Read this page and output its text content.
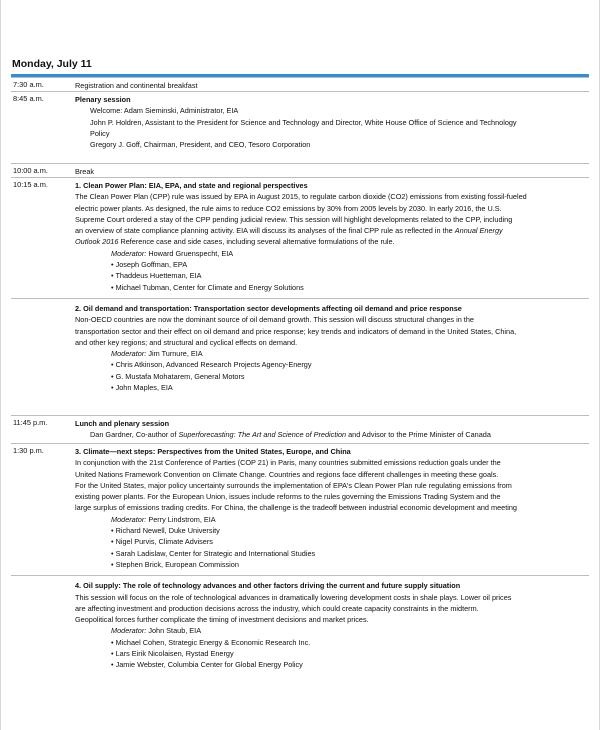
Monday, July 11
7:30 a.m.	Registration and continental breakfast
8:45 a.m.	Plenary session
Welcome: Adam Sieminski, Administrator, EIA
John P. Holdren, Assistant to the President for Science and Technology and Director, White House Office of Science and Technology
Policy
Gregory J. Goff, Chairman, President, and CEO, Tesoro Corporation
10:00 a.m.	Break
10:15 a.m.	1. Clean Power Plan: EIA, EPA, and state and regional perspectives
The Clean Power Plan (CPP) rule was issued by EPA in August 2015, to regulate carbon dioxide (CO2) emissions from existing fossil-fueled
electric power plants. As designed, the rule aims to reduce CO2 emissions by 30% from 2005 levels by 2030. In early 2016, the U.S.
Supreme Court ordered a stay of the CPP pending judicial review. This session will highlight developments related to the CPP, including
an overview of state compliance planning activity. EIA will discuss its analyses of the final CPP rule as reflected in the Annual Energy
Outlook 2016 Reference case and side cases, including several alternative formulations of the rule.
Moderator: Howard Gruenspecht, EIA
• Joseph Goffman, EPA
• Thaddeus Huetteman, EIA
• Michael Tubman, Center for Climate and Energy Solutions
2. Oil demand and transportation: Transportation sector developments affecting oil demand and price response
Non-OECD countries are now the dominant source of oil demand growth. This session will discuss structural changes in the
transportation sector and their effect on oil demand and price response; key trends and indicators of demand in the United States, China,
and other key regions; and structural and cyclical effects on demand.
Moderator: Jim Turnure, EIA
• Chris Atkinson, Advanced Research Projects Agency-Energy
• G. Mustafa Mohatarem, General Motors
• John Maples, EIA
11:45 p.m.	Lunch and plenary session
Dan Gardner, Co-author of Superforecasting: The Art and Science of Prediction and Advisor to the Prime Minister of Canada
1:30 p.m.	3. Climate—next steps: Perspectives from the United States, Europe, and China
In conjunction with the 21st Conference of Parties (COP 21) in Paris, many countries submitted emissions reduction goals under the
United Nations Framework Convention on Climate Change. Countries and regions face different challenges in meeting these goals.
For the United States, major policy uncertainty surrounds the implementation of EPA's Clean Power Plan rule regulating emissions from
existing power plants. For the European Union, issues include reforms to the rules governing the Emissions Trading System and the
large surplus of emissions trading credits. For China, the challenge is the tradeoff between industrial economic development and meeting
Moderator: Perry Lindstrom, EIA
• Richard Newell, Duke University
• Nigel Purvis, Climate Advisers
• Sarah Ladislaw, Center for Strategic and International Studies
• Stephen Brick, European Commission
4. Oil supply: The role of technology advances and other factors driving the current and future supply situation
This session will focus on the role of technological advances in dramatically lowering development costs in shale plays. Lower oil prices
are affecting investment and production decisions across the industry, which could create capacity constraints in the midterm.
Geopolitical forces further complicate the timing of investment decisions and market prices.
Moderator: John Staub, EIA
• Michael Cohen, Strategic Energy & Economic Research Inc.
• Lars Eirik Nicolaisen, Rystad Energy
• Jamie Webster, Columbia Center for Global Energy Policy
